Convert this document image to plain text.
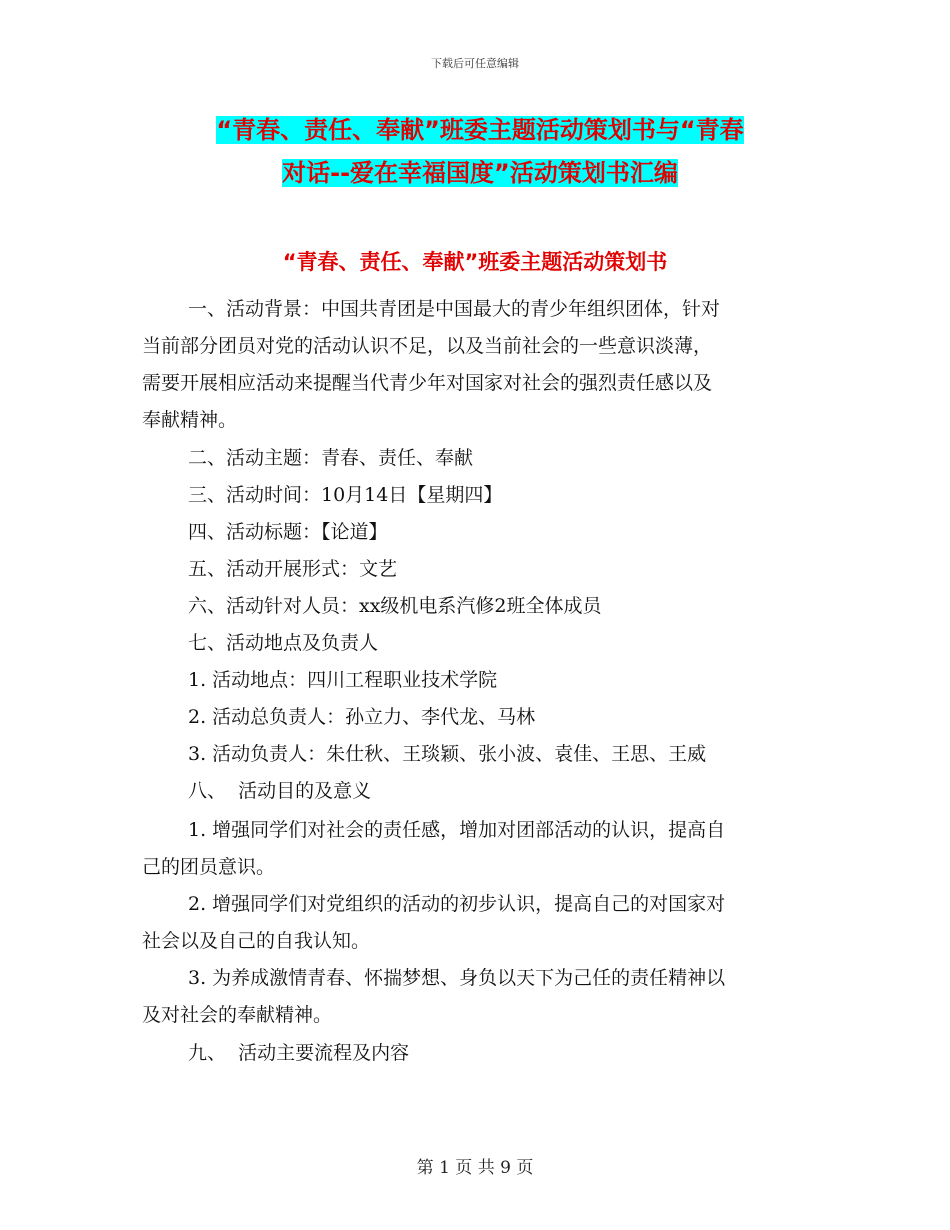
下载后可任意编辑
“青春、责任、奉献”班委主题活动策划书与“青春
对话--爱在幸福国度”活动策划书汇编
“青春、责任、奉献”班委主题活动策划书
一、活动背景：中国共青团是中国最大的青少年组织团体，针对
当前部分团员对党的活动认识不足，以及当前社会的一些意识淡薄，
需要开展相应活动来提醒当代青少年对国家对社会的强烈责任感以及
奉献精神。
二、活动主题：青春、责任、奉献
三、活动时间：10月14日【星期四】
四、活动标题：【论道】
五、活动开展形式：文艺
六、活动针对人员：xx级机电系汽修2班全体成员
七、活动地点及负责人
1. 活动地点：四川工程职业技术学院
2. 活动总负责人：孙立力、李代龙、马林
3. 活动负责人：朱仕秋、王琰颖、张小波、袁佳、王思、王威
八、  活动目的及意义
1. 增强同学们对社会的责任感，增加对团部活动的认识，提高自
己的团员意识。
2. 增强同学们对党组织的活动的初步认识，提高自己的对国家对
社会以及自己的自我认知。
3. 为养成激情青春、怀揣梦想、身负以天下为己任的责任精神以
及对社会的奉献精神。
九、  活动主要流程及内容
第 1 页 共 9 页
